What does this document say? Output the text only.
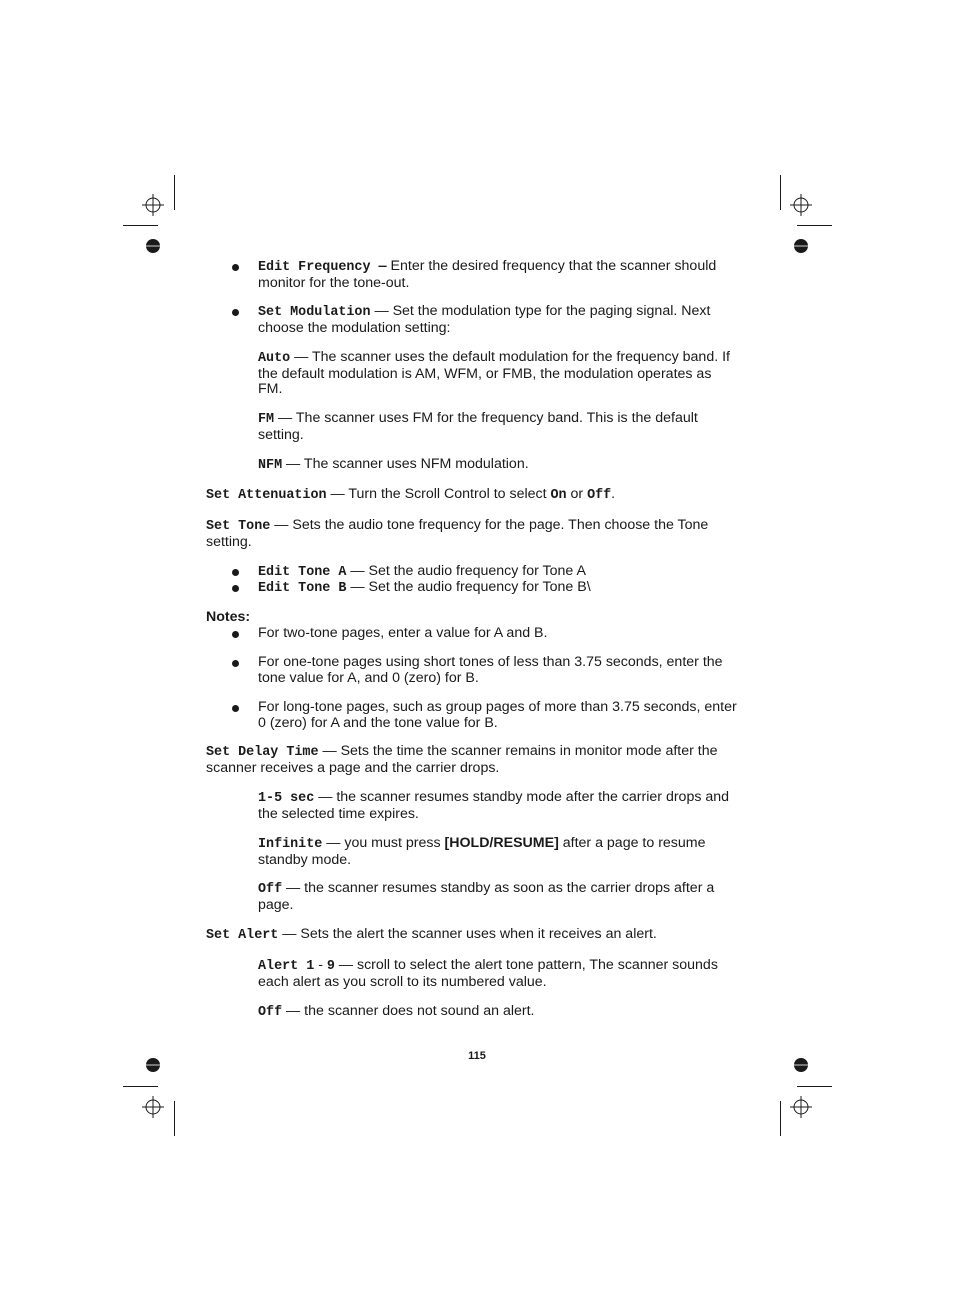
Edit Frequency — Enter the desired frequency that the scanner should
monitor for the tone-out.
Set Modulation — Set the modulation type for the paging signal. Next
choose the modulation setting:
Auto — The scanner uses the default modulation for the frequency band. If
the default modulation is AM, WFM, or FMB, the modulation operates as
FM.
FM — The scanner uses FM for the frequency band. This is the default
setting.
NFM — The scanner uses NFM modulation.
Set Attenuation — Turn the Scroll Control to select On or Off.
Set Tone — Sets the audio tone frequency for the page. Then choose the Tone
setting.
Edit Tone A — Set the audio frequency for Tone A
Edit Tone B — Set the audio frequency for Tone B\
Notes:
For two-tone pages, enter a value for A and B.
For one-tone pages using short tones of less than 3.75 seconds, enter the
tone value for A, and 0 (zero) for B.
For long-tone pages, such as group pages of more than 3.75 seconds, enter
0 (zero) for A and the tone value for B.
Set Delay Time — Sets the time the scanner remains in monitor mode after the
scanner receives a page and the carrier drops.
1-5 sec — the scanner resumes standby mode after the carrier drops and
the selected time expires.
Infinite — you must press [HOLD/RESUME] after a page to resume
standby mode.
Off — the scanner resumes standby as soon as the carrier drops after a
page.
Set Alert — Sets the alert the scanner uses when it receives an alert.
Alert 1 - 9 — scroll to select the alert tone pattern, The scanner sounds
each alert as you scroll to its numbered value.
Off — the scanner does not sound an alert.
115
